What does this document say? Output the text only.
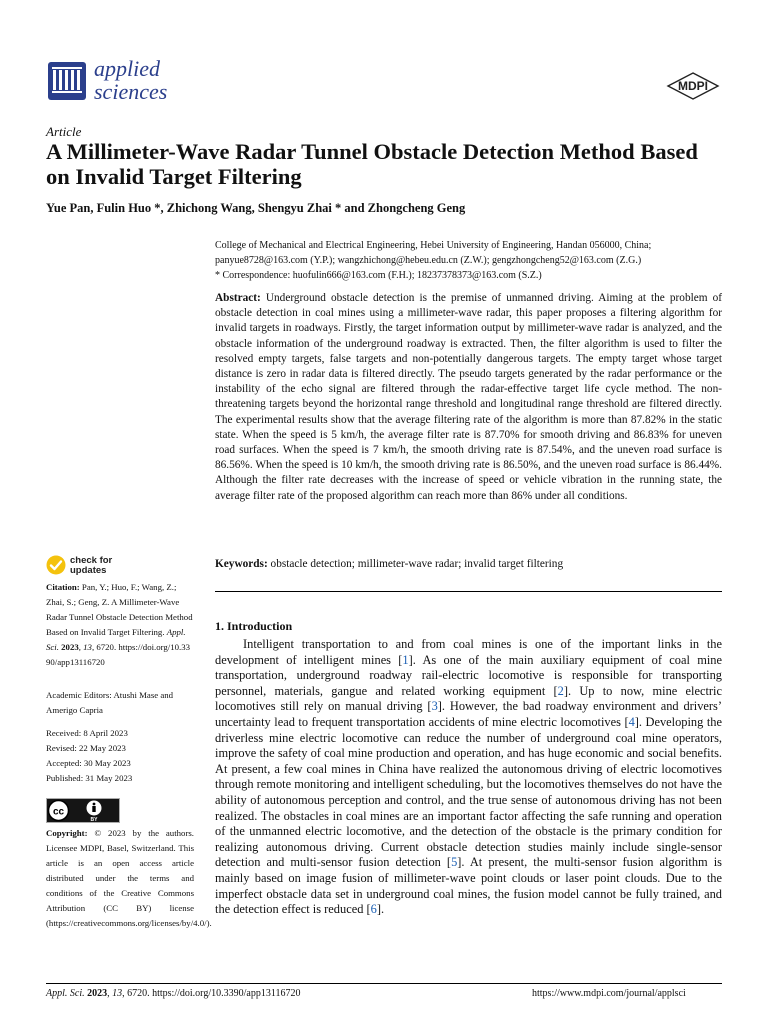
applied
sciences	MDPI
Article
A Millimeter-Wave Radar Tunnel Obstacle Detection Method Based on Invalid Target Filtering
Yue Pan, Fulin Huo *, Zhichong Wang, Shengyu Zhai * and Zhongcheng Geng
College of Mechanical and Electrical Engineering, Hebei University of Engineering, Handan 056000, China;
panyue8728@163.com (Y.P.); wangzhichong@hebeu.edu.cn (Z.W.); gengzhongcheng52@163.com (Z.G.)
* Correspondence: huofulin666@163.com (F.H.); 18237378373@163.com (S.Z.)
Abstract: Underground obstacle detection is the premise of unmanned driving. Aiming at the problem of obstacle detection in coal mines using a millimeter-wave radar, this paper proposes a filtering algorithm for invalid targets in roadways. Firstly, the target information output by millimeter-wave radar is analyzed, and the obstacle information of the underground roadway is extracted. Then, the filter algorithm is used to filter the resolved empty targets, false targets and non-potentially dangerous targets. The empty target whose target distance is zero in radar data is filtered directly. The pseudo targets generated by the radar performance or the instability of the echo signal are filtered through the radar-effective target life cycle method. The non-threatening targets beyond the horizontal range threshold and longitudinal range threshold are filtered directly. The experimental results show that the average filtering rate of the algorithm is more than 87.82% in the static state. When the speed is 5 km/h, the average filter rate is 87.70% for smooth driving and 86.83% for uneven road surfaces. When the speed is 7 km/h, the smooth driving rate is 87.54%, and the uneven road surface is 86.56%. When the speed is 10 km/h, the smooth driving rate is 86.50%, and the uneven road surface is 86.44%. Although the filter rate decreases with the increase of speed or vehicle vibration in the running state, the average filter rate of the proposed algorithm can reach more than 86% under all conditions.
Keywords: obstacle detection; millimeter-wave radar; invalid target filtering
1. Introduction

Intelligent transportation to and from coal mines is one of the important links in the development of intelligent mines [1]. As one of the main auxiliary equipment of coal mine transportation, underground roadway rail-electric locomotive is responsible for transporting personnel, materials, gangue and related working equipment [2]. Up to now, mine electric locomotives still rely on manual driving [3]. However, the bad roadway environment and drivers’ uncertainty lead to frequent transportation accidents of mine electric locomotives [4]. Developing the driverless mine electric locomotive can reduce the number of underground coal mine operators, improve the safety of coal mine production and operation, and has huge economic and social benefits. At present, a few coal mines in China have realized the autonomous driving of electric locomotives through remote monitoring and intelligent scheduling, but the locomotives themselves do not have the ability of autonomous perception and control, and the true sense of autonomous driving has not been realized. The obstacles in coal mines are an important factor affecting the safe running and operation of the unmanned electric locomotive, and the detection of the obstacle is the primary condition for realizing autonomous driving. Current obstacle detection studies mainly include single-sensor detection and multi-sensor fusion detection [5]. At present, the multi-sensor fusion algorithm is mainly based on image fusion of millimeter-wave point clouds or laser point clouds. Due to the imperfect obstacle data set in underground coal mines, the fusion model cannot be fully trained, and the detection effect is reduced [6].

check for
updates
Citation: Pan, Y.; Huo, F.; Wang, Z.; Zhai, S.; Geng, Z. A Millimeter-Wave Radar Tunnel Obstacle Detection Method Based on Invalid Target Filtering. Appl. Sci. 2023, 13, 6720. https://doi.org/10.3390/app13116720
Academic Editors: Atushi Mase and Amerigo Capria
Received: 8 April 2023
Revised: 22 May 2023
Accepted: 30 May 2023
Published: 31 May 2023
cc
BY
Copyright: © 2023 by the authors. Licensee MDPI, Basel, Switzerland. This article is an open access article distributed under the terms and conditions of the Creative Commons Attribution (CC BY) license (https://creativecommons.org/licenses/by/4.0/).
Appl. Sci. 2023, 13, 6720. https://doi.org/10.3390/app13116720	https://www.mdpi.com/journal/applsci
